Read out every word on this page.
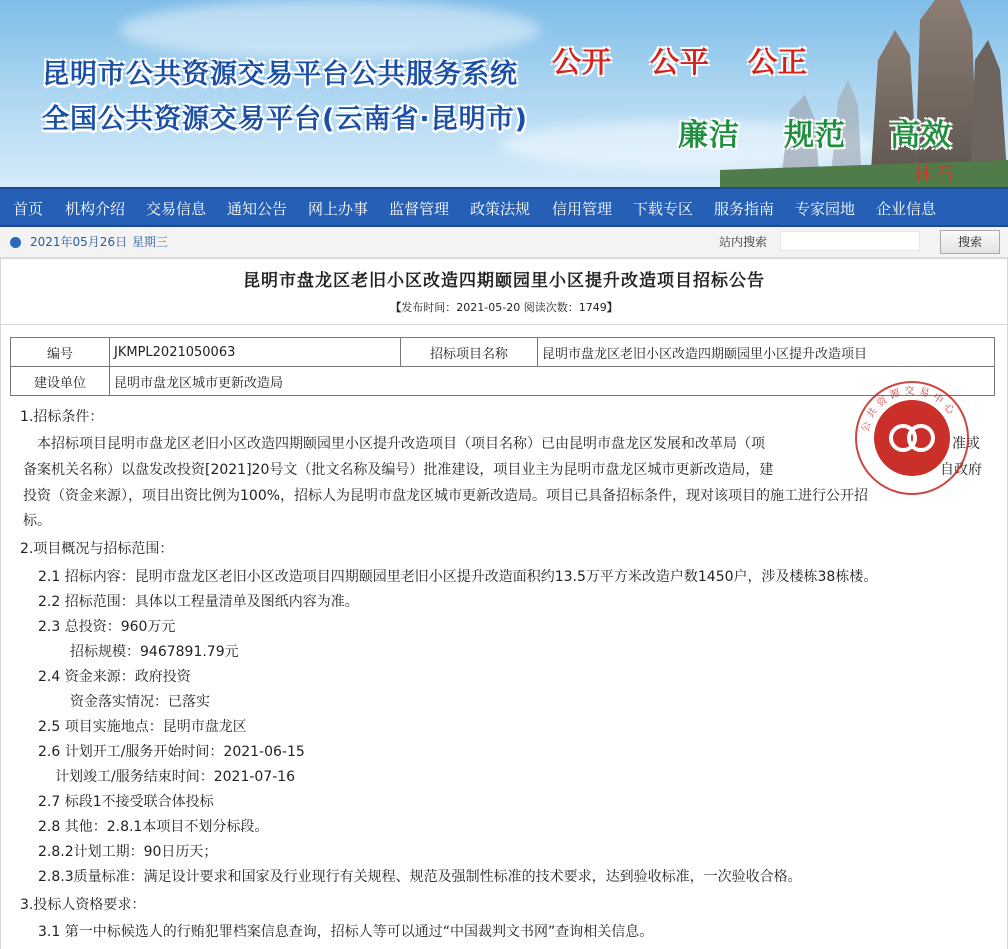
昆明市公共资源交易平台公共服务系统
全国公共资源交易平台(云南省·昆明市)
公开 公平 公正
廉洁 规范 高效
林石
首页 机构介绍 交易信息 通知公告 网上办事 监督管理 政策法规 信用管理 下载专区 服务指南 专家园地 企业信息
2021年05月26日 星期三	站内搜索	搜索
昆明市盘龙区老旧小区改造四期颐园里小区提升改造项目招标公告
【发布时间：2021-05-20 阅读次数：1749】
编号	JKMPL2021050063	招标项目名称	昆明市盘龙区老旧小区改造四期颐园里小区提升改造项目
建设单位	昆明市盘龙区城市更新改造局		
1.招标条件：
本招标项目昆明市盘龙区老旧小区改造四期颐园里小区提升改造项目（项目名称）已由昆明市盘龙区发展和改革局（项	准或
备案机关名称）以盘发改投资[2021]20号文（批文名称及编号）批准建设，项目业主为昆明市盘龙区城市更新改造局，建	自政府
投资（资金来源），项目出资比例为100%，招标人为昆明市盘龙区城市更新改造局。项目已具备招标条件，现对该项目的施工进行公开招
标。
2.项目概况与招标范围：
2.1 招标内容：昆明市盘龙区老旧小区改造项目四期颐园里老旧小区提升改造面积约13.5万平方米改造户数1450户，涉及楼栋38栋楼。
2.2 招标范围：具体以工程量清单及图纸内容为准。
2.3 总投资：960万元
招标规模：9467891.79元
2.4 资金来源：政府投资
资金落实情况：已落实
2.5 项目实施地点：昆明市盘龙区
2.6 计划开工/服务开始时间：2021-06-15
计划竣工/服务结束时间：2021-07-16
2.7 标段1不接受联合体投标
2.8 其他：2.8.1本项目不划分标段。
2.8.2计划工期：90日历天；
2.8.3质量标准：满足设计要求和国家及行业现行有关规程、规范及强制性标准的技术要求，达到验收标准，一次验收合格。
3.投标人资格要求：
3.1 第一中标候选人的行贿犯罪档案信息查询，招标人等可以通过“中国裁判文书网”查询相关信息。
公共资源交易中心
